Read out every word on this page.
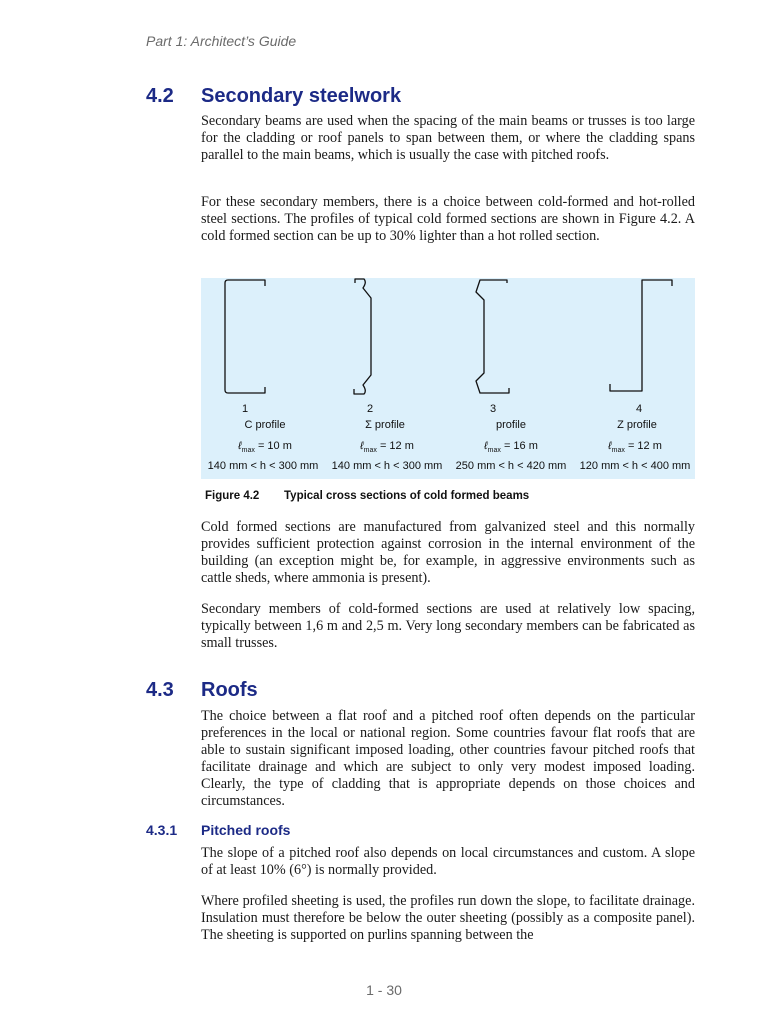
Part 1: Architect’s Guide
4.2 Secondary steelwork

Secondary beams are used when the spacing of the main beams or trusses is too large for the cladding or roof panels to span between them, or where the cladding spans parallel to the main beams, which is usually the case with pitched roofs.

For these secondary members, there is a choice between cold-formed and hot-rolled steel sections. The profiles of typical cold formed sections are shown in Figure 4.2. A cold formed section can be up to 30% lighter than a hot rolled section.

1	2	3	4
C profile	Σ profile	profile	Z profile
ℓ$_{max}$ = 10 m	ℓ$_{max}$ = 12 m	ℓ$_{max}$ = 16 m	ℓ$_{max}$ = 12 m
140 mm < h < 300 mm	140 mm < h < 300 mm	250 mm < h < 420 mm	120 mm < h < 400 mm
Figure 4.2 Typical cross sections of cold formed beams

Cold formed sections are manufactured from galvanized steel and this normally provides sufficient protection against corrosion in the internal environment of the building (an exception might be, for example, in aggressive environments such as cattle sheds, where ammonia is present).

Secondary members of cold-formed sections are used at relatively low spacing, typically between 1,6 m and 2,5 m. Very long secondary members can be fabricated as small trusses.

4.3 Roofs

The choice between a flat roof and a pitched roof often depends on the particular preferences in the local or national region. Some countries favour flat roofs that are able to sustain significant imposed loading, other countries favour pitched roofs that facilitate drainage and which are subject to only very modest imposed loading. Clearly, the type of cladding that is appropriate depends on those choices and circumstances.

4.3.1 Pitched roofs

The slope of a pitched roof also depends on local circumstances and custom. A slope of at least 10% (6°) is normally provided.

Where profiled sheeting is used, the profiles run down the slope, to facilitate drainage. Insulation must therefore be below the outer sheeting (possibly as a composite panel). The sheeting is supported on purlins spanning between the

1 - 30
